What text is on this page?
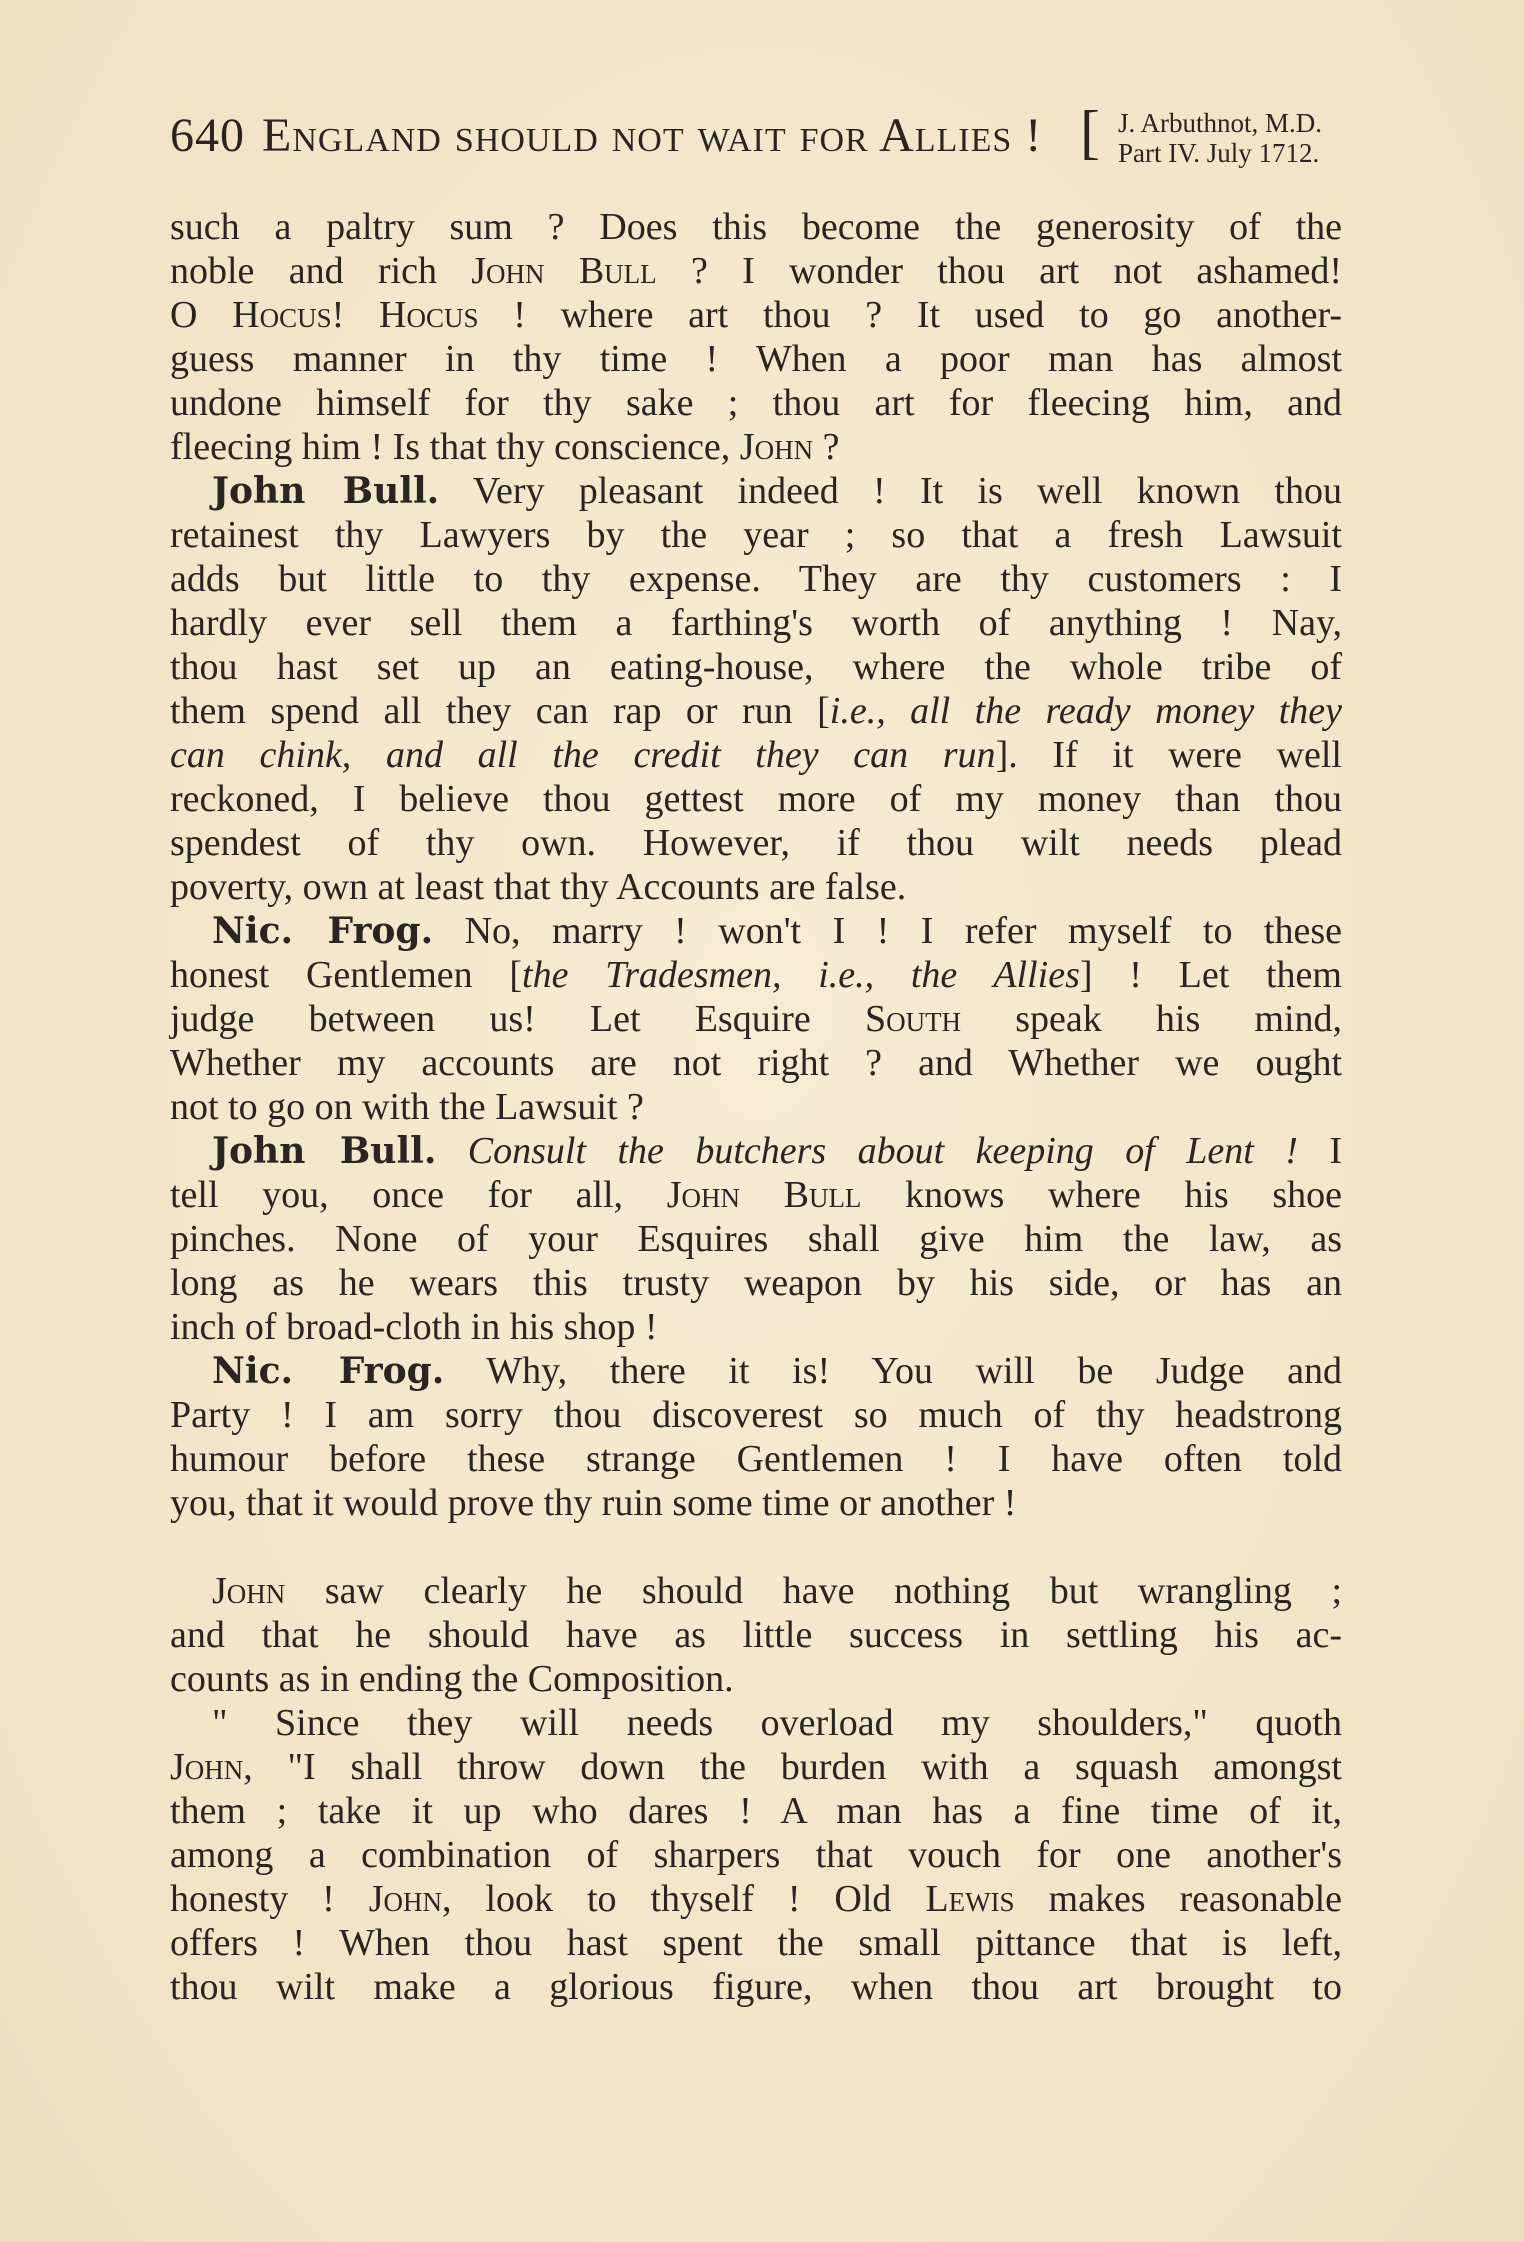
640 England should not wait for Allies ! [ J. Arbuthnot, M.D.
Part IV. July 1712.
such a paltry sum ? Does this become the generosity of the
noble and rich John Bull ? I wonder thou art not ashamed!
O Hocus! Hocus ! where art thou ? It used to go another-
guess manner in thy time ! When a poor man has almost
undone himself for thy sake ; thou art for fleecing him, and
fleecing him ! Is that thy conscience, John ?
John Bull. Very pleasant indeed ! It is well known thou
retainest thy Lawyers by the year ; so that a fresh Lawsuit
adds but little to thy expense. They are thy customers : I
hardly ever sell them a farthing's worth of anything ! Nay,
thou hast set up an eating-house, where the whole tribe of
them spend all they can rap or run [i.e., all the ready money they
can chink, and all the credit they can run]. If it were well
reckoned, I believe thou gettest more of my money than thou
spendest of thy own. However, if thou wilt needs plead
poverty, own at least that thy Accounts are false.
Nic. Frog. No, marry ! won't I ! I refer myself to these
honest Gentlemen [the Tradesmen, i.e., the Allies] ! Let them
judge between us! Let Esquire South speak his mind,
Whether my accounts are not right ? and Whether we ought
not to go on with the Lawsuit ?
John Bull. Consult the butchers about keeping of Lent ! I
tell you, once for all, John Bull knows where his shoe
pinches. None of your Esquires shall give him the law, as
long as he wears this trusty weapon by his side, or has an
inch of broad-cloth in his shop !
Nic. Frog. Why, there it is! You will be Judge and
Party ! I am sorry thou discoverest so much of thy headstrong
humour before these strange Gentlemen ! I have often told
you, that it would prove thy ruin some time or another !
John saw clearly he should have nothing but wrangling ;
and that he should have as little success in settling his ac-
counts as in ending the Composition.
" Since they will needs overload my shoulders," quoth
John, "I shall throw down the burden with a squash amongst
them ; take it up who dares ! A man has a fine time of it,
among a combination of sharpers that vouch for one another's
honesty ! John, look to thyself ! Old Lewis makes reasonable
offers ! When thou hast spent the small pittance that is left,
thou wilt make a glorious figure, when thou art brought to
